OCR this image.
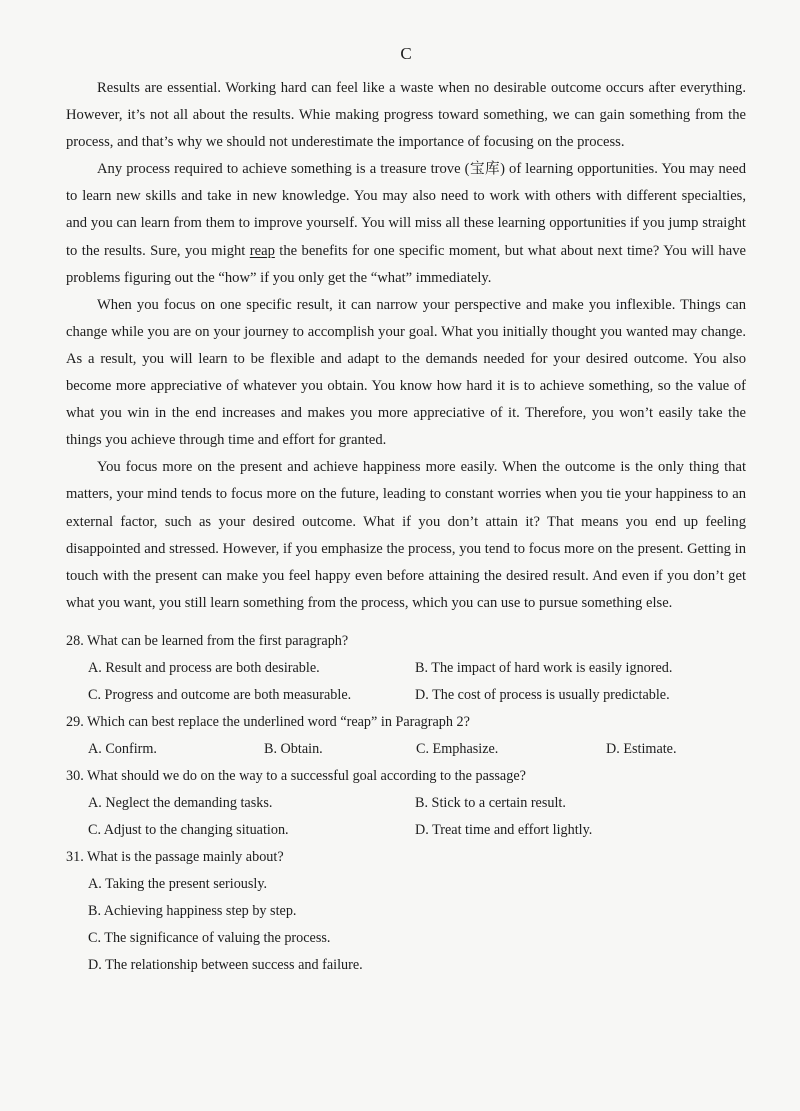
C

Results are essential. Working hard can feel like a waste when no desirable outcome occurs after everything. However, it’s not all about the results. Whie making progress toward something, we can gain something from the process, and that’s why we should not underestimate the importance of focusing on the process.

Any process required to achieve something is a treasure trove (宝库) of learning opportunities. You may need to learn new skills and take in new knowledge. You may also need to work with others with different specialties, and you can learn from them to improve yourself. You will miss all these learning opportunities if you jump straight to the results. Sure, you might reap the benefits for one specific moment, but what about next time? You will have problems figuring out the “how” if you only get the “what” immediately.

When you focus on one specific result, it can narrow your perspective and make you inflexible. Things can change while you are on your journey to accomplish your goal. What you initially thought you wanted may change. As a result, you will learn to be flexible and adapt to the demands needed for your desired outcome. You also become more appreciative of whatever you obtain. You know how hard it is to achieve something, so the value of what you win in the end increases and makes you more appreciative of it. Therefore, you won’t easily take the things you achieve through time and effort for granted.

You focus more on the present and achieve happiness more easily. When the outcome is the only thing that matters, your mind tends to focus more on the future, leading to constant worries when you tie your happiness to an external factor, such as your desired outcome. What if you don’t attain it? That means you end up feeling disappointed and stressed. However, if you emphasize the process, you tend to focus more on the present. Getting in touch with the present can make you feel happy even before attaining the desired result. And even if you don’t get what you want, you still learn something from the process, which you can use to pursue something else.

28. What can be learned from the first paragraph?
A. Result and process are both desirable.	B. The impact of hard work is easily ignored.
C. Progress and outcome are both measurable.	D. The cost of process is usually predictable.
29. Which can best replace the underlined word “reap” in Paragraph 2?
A. Confirm.	B. Obtain.	C. Emphasize.	D. Estimate.
30. What should we do on the way to a successful goal according to the passage?
A. Neglect the demanding tasks.	B. Stick to a certain result.
C. Adjust to the changing situation.	D. Treat time and effort lightly.
31. What is the passage mainly about?
A. Taking the present seriously.
B. Achieving happiness step by step.
C. The significance of valuing the process.
D. The relationship between success and failure.
